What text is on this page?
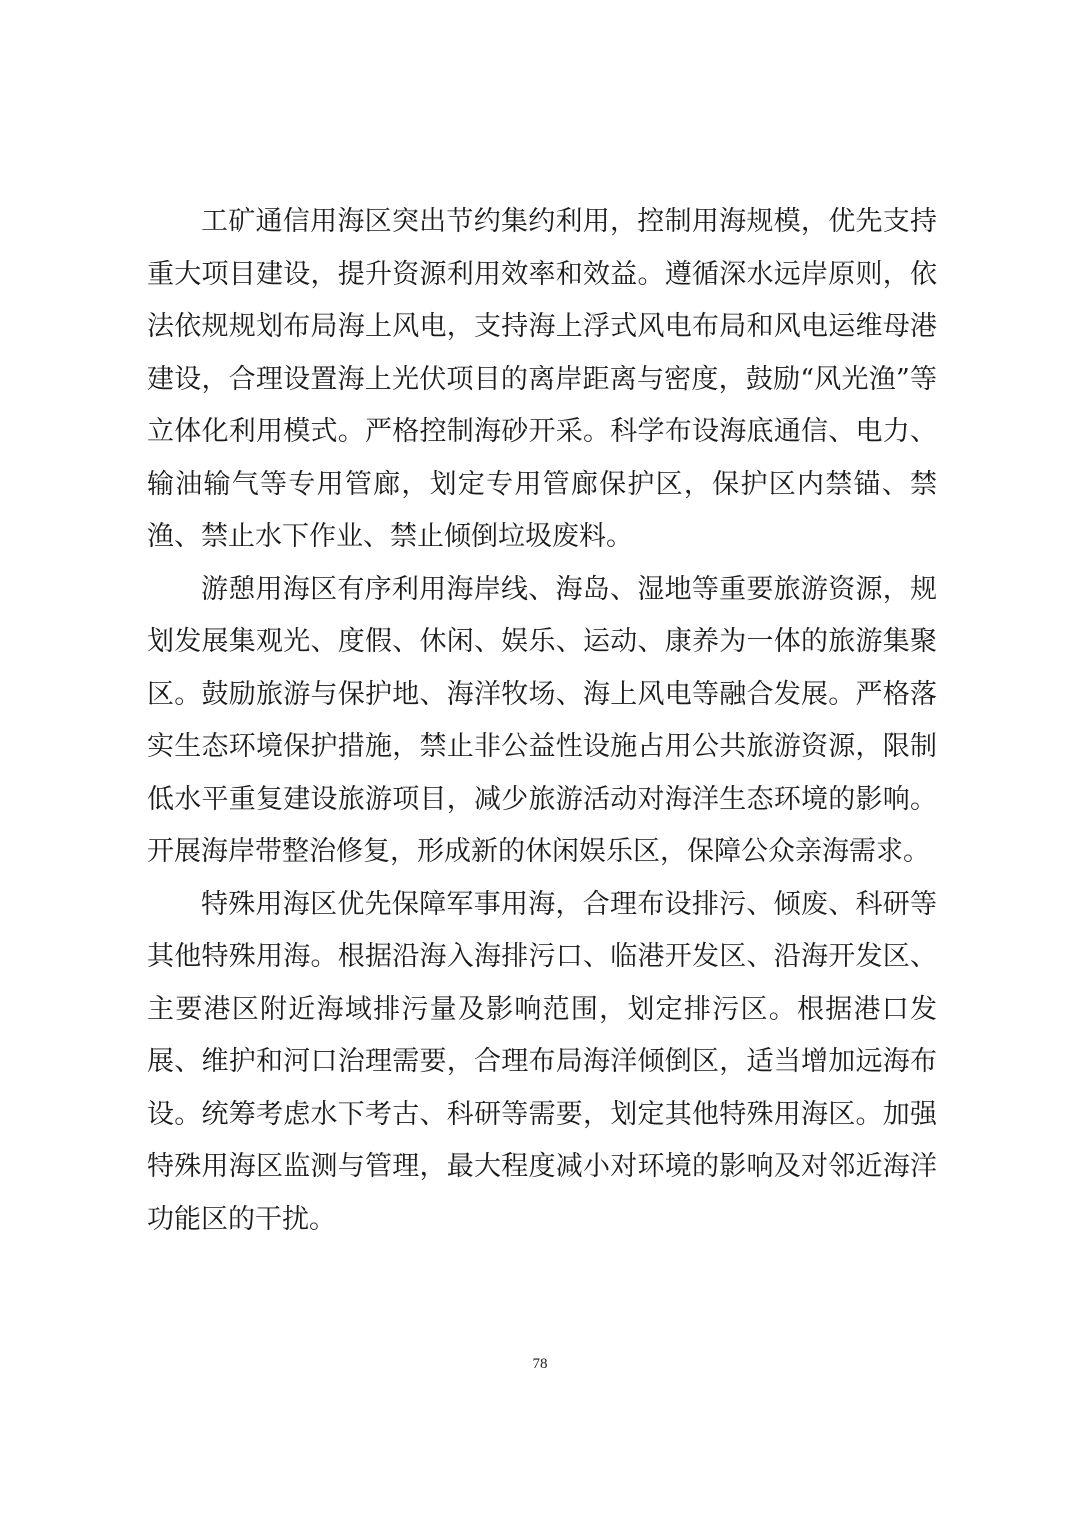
工矿通信用海区突出节约集约利用，控制用海规模，优先支持重大项目建设，提升资源利用效率和效益。遵循深水远岸原则，依法依规规划布局海上风电，支持海上浮式风电布局和风电运维母港建设，合理设置海上光伏项目的离岸距离与密度，鼓励“风光渔”等立体化利用模式。严格控制海砂开采。科学布设海底通信、电力、输油输气等专用管廊，划定专用管廊保护区，保护区内禁锚、禁渔、禁止水下作业、禁止倾倒垃圾废料。

游憩用海区有序利用海岸线、海岛、湿地等重要旅游资源，规划发展集观光、度假、休闲、娱乐、运动、康养为一体的旅游集聚区。鼓励旅游与保护地、海洋牧场、海上风电等融合发展。严格落实生态环境保护措施，禁止非公益性设施占用公共旅游资源，限制低水平重复建设旅游项目，减少旅游活动对海洋生态环境的影响。开展海岸带整治修复，形成新的休闲娱乐区，保障公众亲海需求。

特殊用海区优先保障军事用海，合理布设排污、倾废、科研等其他特殊用海。根据沿海入海排污口、临港开发区、沿海开发区、主要港区附近海域排污量及影响范围，划定排污区。根据港口发展、维护和河口治理需要，合理布局海洋倾倒区，适当增加远海布设。统筹考虑水下考古、科研等需要，划定其他特殊用海区。加强特殊用海区监测与管理，最大程度减小对环境的影响及对邻近海洋功能区的干扰。

78
